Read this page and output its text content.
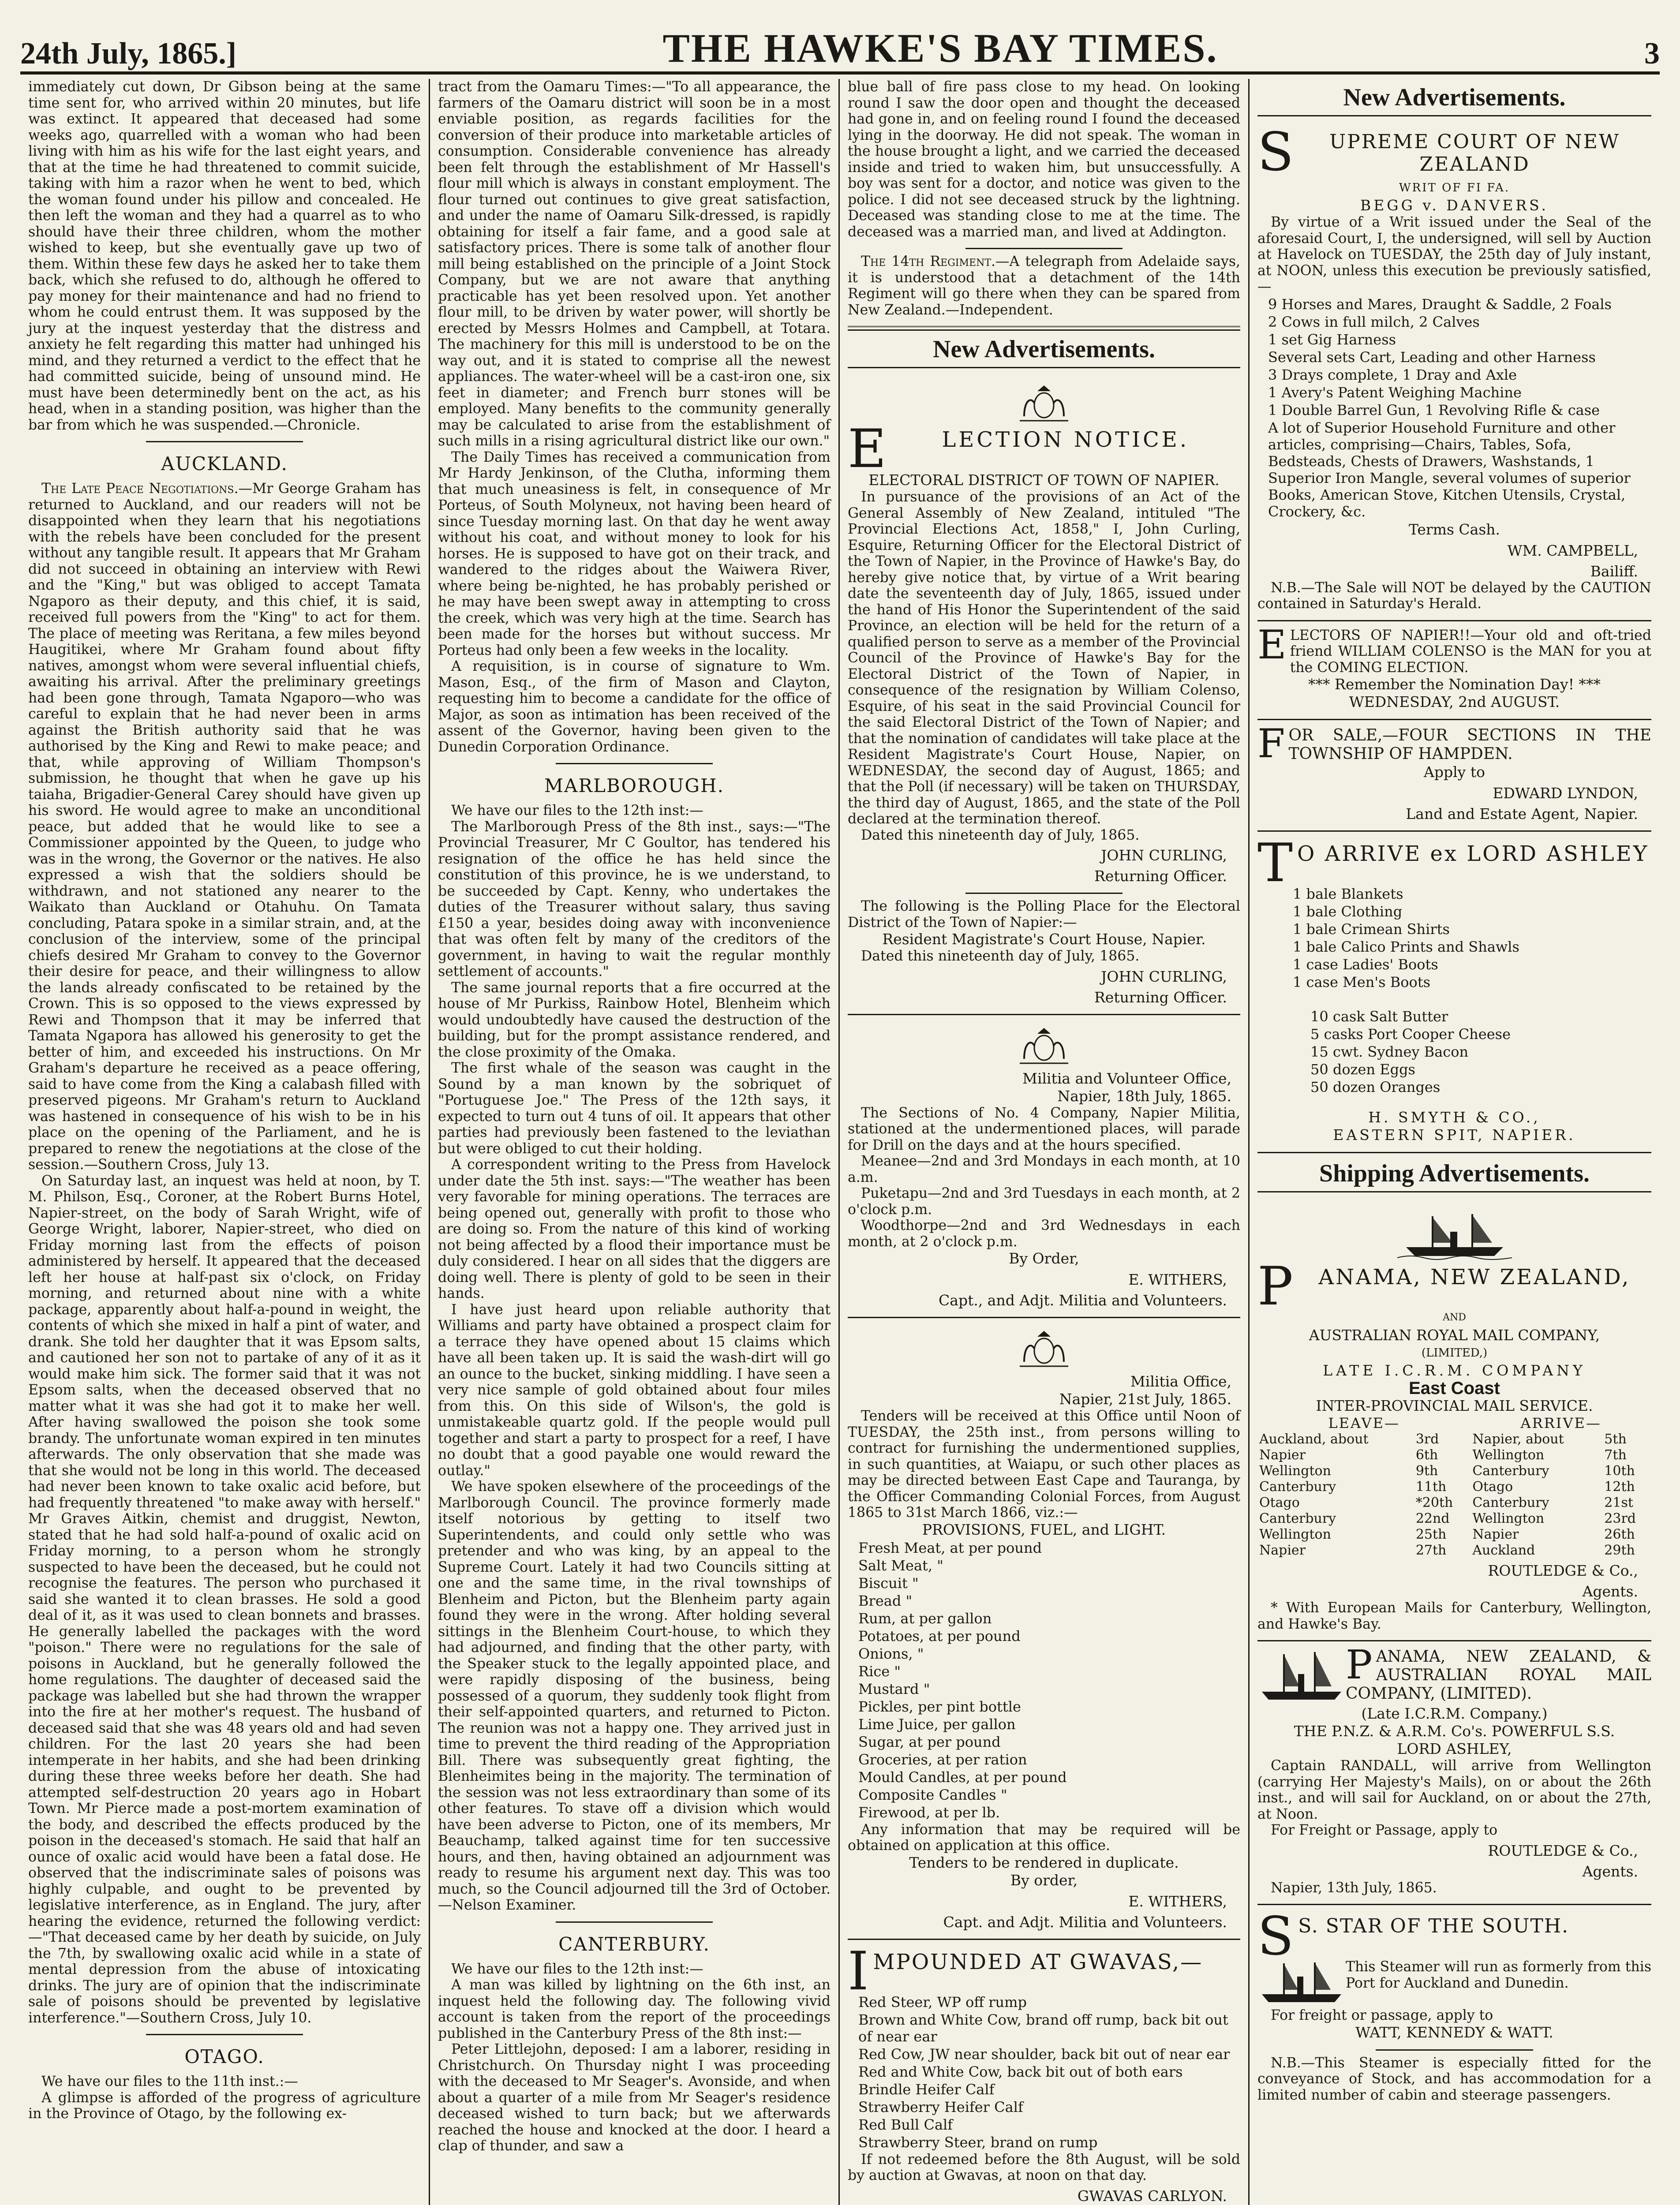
24th July, 1865.]	THE HAWKE'S BAY TIMES.	3

immediately cut down, Dr Gibson being at the same time sent for, who arrived within 20 minutes, but life was extinct. It appeared that deceased had some weeks ago, quarrelled with a woman who had been living with him as his wife for the last eight years, and that at the time he had threatened to commit suicide, taking with him a razor when he went to bed, which the woman found under his pillow and concealed. He then left the woman and they had a quarrel as to who should have their three children, whom the mother wished to keep, but she eventually gave up two of them. Within these few days he asked her to take them back, which she refused to do, although he offered to pay money for their maintenance and had no friend to whom he could entrust them. It was supposed by the jury at the inquest yesterday that the distress and anxiety he felt regarding this matter had unhinged his mind, and they returned a verdict to the effect that he had committed suicide, being of unsound mind. He must have been determinedly bent on the act, as his head, when in a standing position, was higher than the bar from which he was suspended.—Chronicle.

AUCKLAND.

The Late Peace Negotiations.—Mr George Graham has returned to Auckland, and our readers will not be disappointed when they learn that his negotiations with the rebels have been concluded for the present without any tangible result. It appears that Mr Graham did not succeed in obtaining an interview with Rewi and the "King," but was obliged to accept Tamata Ngaporo as their deputy, and this chief, it is said, received full powers from the "King" to act for them. The place of meeting was Reritana, a few miles beyond Haugitikei, where Mr Graham found about fifty natives, amongst whom were several influential chiefs, awaiting his arrival. After the preliminary greetings had been gone through, Tamata Ngaporo—who was careful to explain that he had never been in arms against the British authority said that he was authorised by the King and Rewi to make peace; and that, while approving of William Thompson's submission, he thought that when he gave up his taiaha, Brigadier-General Carey should have given up his sword. He would agree to make an unconditional peace, but added that he would like to see a Commissioner appointed by the Queen, to judge who was in the wrong, the Governor or the natives. He also expressed a wish that the soldiers should be withdrawn, and not stationed any nearer to the Waikato than Auckland or Otahuhu. On Tamata concluding, Patara spoke in a similar strain, and, at the conclusion of the interview, some of the principal chiefs desired Mr Graham to convey to the Governor their desire for peace, and their willingness to allow the lands already confiscated to be retained by the Crown. This is so opposed to the views expressed by Rewi and Thompson that it may be inferred that Tamata Ngapora has allowed his generosity to get the better of him, and exceeded his instructions. On Mr Graham's departure he received as a peace offering, said to have come from the King a calabash filled with preserved pigeons. Mr Graham's return to Auckland was hastened in consequence of his wish to be in his place on the opening of the Parliament, and he is prepared to renew the negotiations at the close of the session.—Southern Cross, July 13.

On Saturday last, an inquest was held at noon, by T. M. Philson, Esq., Coroner, at the Robert Burns Hotel, Napier-street, on the body of Sarah Wright, wife of George Wright, laborer, Napier-street, who died on Friday morning last from the effects of poison administered by herself. It appeared that the deceased left her house at half-past six o'clock, on Friday morning, and returned about nine with a white package, apparently about half-a-pound in weight, the contents of which she mixed in half a pint of water, and drank. She told her daughter that it was Epsom salts, and cautioned her son not to partake of any of it as it would make him sick. The former said that it was not Epsom salts, when the deceased observed that no matter what it was she had got it to make her well. After having swallowed the poison she took some brandy. The unfortunate woman expired in ten minutes afterwards. The only observation that she made was that she would not be long in this world. The deceased had never been known to take oxalic acid before, but had frequently threatened "to make away with herself." Mr Graves Aitkin, chemist and druggist, Newton, stated that he had sold half-a-pound of oxalic acid on Friday morning, to a person whom he strongly suspected to have been the deceased, but he could not recognise the features. The person who purchased it said she wanted it to clean brasses. He sold a good deal of it, as it was used to clean bonnets and brasses. He generally labelled the packages with the word "poison." There were no regulations for the sale of poisons in Auckland, but he generally followed the home regulations. The daughter of deceased said the package was labelled but she had thrown the wrapper into the fire at her mother's request. The husband of deceased said that she was 48 years old and had seven children. For the last 20 years she had been intemperate in her habits, and she had been drinking during these three weeks before her death. She had attempted self-destruction 20 years ago in Hobart Town. Mr Pierce made a post-mortem examination of the body, and described the effects produced by the poison in the deceased's stomach. He said that half an ounce of oxalic acid would have been a fatal dose. He observed that the indiscriminate sales of poisons was highly culpable, and ought to be prevented by legislative interference, as in England. The jury, after hearing the evidence, returned the following verdict:—"That deceased came by her death by suicide, on July the 7th, by swallowing oxalic acid while in a state of mental depression from the abuse of intoxicating drinks. The jury are of opinion that the indiscriminate sale of poisons should be prevented by legislative interference."—Southern Cross, July 10.

OTAGO.

We have our files to the 11th inst.:—

A glimpse is afforded of the progress of agriculture in the Province of Otago, by the following ex-

tract from the Oamaru Times:—"To all appearance, the farmers of the Oamaru district will soon be in a most enviable position, as regards facilities for the conversion of their produce into marketable articles of consumption. Considerable convenience has already been felt through the establishment of Mr Hassell's flour mill which is always in constant employment. The flour turned out continues to give great satisfaction, and under the name of Oamaru Silk-dressed, is rapidly obtaining for itself a fair fame, and a good sale at satisfactory prices. There is some talk of another flour mill being established on the principle of a Joint Stock Company, but we are not aware that anything practicable has yet been resolved upon. Yet another flour mill, to be driven by water power, will shortly be erected by Messrs Holmes and Campbell, at Totara. The machinery for this mill is understood to be on the way out, and it is stated to comprise all the newest appliances. The water-wheel will be a cast-iron one, six feet in diameter; and French burr stones will be employed. Many benefits to the community generally may be calculated to arise from the establishment of such mills in a rising agricultural district like our own."

The Daily Times has received a communication from Mr Hardy Jenkinson, of the Clutha, informing them that much uneasiness is felt, in consequence of Mr Porteus, of South Molyneux, not having been heard of since Tuesday morning last. On that day he went away without his coat, and without money to look for his horses. He is supposed to have got on their track, and wandered to the ridges about the Waiwera River, where being be-nighted, he has probably perished or he may have been swept away in attempting to cross the creek, which was very high at the time. Search has been made for the horses but without success. Mr Porteus had only been a few weeks in the locality.

A requisition, is in course of signature to Wm. Mason, Esq., of the firm of Mason and Clayton, requesting him to become a candidate for the office of Major, as soon as intimation has been received of the assent of the Governor, having been given to the Dunedin Corporation Ordinance.

MARLBOROUGH.

We have our files to the 12th inst:—

The Marlborough Press of the 8th inst., says:—"The Provincial Treasurer, Mr C Goultor, has tendered his resignation of the office he has held since the constitution of this province, he is we understand, to be succeeded by Capt. Kenny, who undertakes the duties of the Treasurer without salary, thus saving £150 a year, besides doing away with inconvenience that was often felt by many of the creditors of the government, in having to wait the regular monthly settlement of accounts."

The same journal reports that a fire occurred at the house of Mr Purkiss, Rainbow Hotel, Blenheim which would undoubtedly have caused the destruction of the building, but for the prompt assistance rendered, and the close proximity of the Omaka.

The first whale of the season was caught in the Sound by a man known by the sobriquet of "Portuguese Joe." The Press of the 12th says, it expected to turn out 4 tuns of oil. It appears that other parties had previously been fastened to the leviathan but were obliged to cut their holding.

A correspondent writing to the Press from Havelock under date the 5th inst. says:—"The weather has been very favorable for mining operations. The terraces are being opened out, generally with profit to those who are doing so. From the nature of this kind of working not being affected by a flood their importance must be duly considered. I hear on all sides that the diggers are doing well. There is plenty of gold to be seen in their hands.

I have just heard upon reliable authority that Williams and party have obtained a prospect claim for a terrace they have opened about 15 claims which have all been taken up. It is said the wash-dirt will go an ounce to the bucket, sinking middling. I have seen a very nice sample of gold obtained about four miles from this. On this side of Wilson's, the gold is unmistakeable quartz gold. If the people would pull together and start a party to prospect for a reef, I have no doubt that a good payable one would reward the outlay."

We have spoken elsewhere of the proceedings of the Marlborough Council. The province formerly made itself notorious by getting to itself two Superintendents, and could only settle who was pretender and who was king, by an appeal to the Supreme Court. Lately it had two Councils sitting at one and the same time, in the rival townships of Blenheim and Picton, but the Blenheim party again found they were in the wrong. After holding several sittings in the Blenheim Court-house, to which they had adjourned, and finding that the other party, with the Speaker stuck to the legally appointed place, and were rapidly disposing of the business, being possessed of a quorum, they suddenly took flight from their self-appointed quarters, and returned to Picton. The reunion was not a happy one. They arrived just in time to prevent the third reading of the Appropriation Bill. There was subsequently great fighting, the Blenheimites being in the majority. The termination of the session was not less extraordinary than some of its other features. To stave off a division which would have been adverse to Picton, one of its members, Mr Beauchamp, talked against time for ten successive hours, and then, having obtained an adjournment was ready to resume his argument next day. This was too much, so the Council adjourned till the 3rd of October.—Nelson Examiner.

CANTERBURY.

We have our files to the 12th inst:—

A man was killed by lightning on the 6th inst, an inquest held the following day. The following vivid account is taken from the report of the proceedings published in the Canterbury Press of the 8th inst:—

Peter Littlejohn, deposed: I am a laborer, residing in Christchurch. On Thursday night I was proceeding with the deceased to Mr Seager's. Avonside, and when about a quarter of a mile from Mr Seager's residence deceased wished to turn back; but we afterwards reached the house and knocked at the door. I heard a clap of thunder, and saw a

blue ball of fire pass close to my head. On looking round I saw the door open and thought the deceased had gone in, and on feeling round I found the deceased lying in the doorway. He did not speak. The woman in the house brought a light, and we carried the deceased inside and tried to waken him, but unsuccessfully. A boy was sent for a doctor, and notice was given to the police. I did not see deceased struck by the lightning. Deceased was standing close to me at the time. The deceased was a married man, and lived at Addington.

The 14th Regiment.—A telegraph from Adelaide says, it is understood that a detachment of the 14th Regiment will go there when they can be spared from New Zealand.—Independent.

New Advertisements.
E	LECTION NOTICE.
ELECTORAL DISTRICT OF TOWN OF NAPIER.

In pursuance of the provisions of an Act of the General Assembly of New Zealand, intituled "The Provincial Elections Act, 1858," I, John Curling, Esquire, Returning Officer for the Electoral District of the Town of Napier, in the Province of Hawke's Bay, do hereby give notice that, by virtue of a Writ bearing date the seventeenth day of July, 1865, issued under the hand of His Honor the Superintendent of the said Province, an election will be held for the return of a qualified person to serve as a member of the Provincial Council of the Province of Hawke's Bay for the Electoral District of the Town of Napier, in consequence of the resignation by William Colenso, Esquire, of his seat in the said Provincial Council for the said Electoral District of the Town of Napier; and that the nomination of candidates will take place at the Resident Magistrate's Court House, Napier, on WEDNESDAY, the second day of August, 1865; and that the Poll (if necessary) will be taken on THURSDAY, the third day of August, 1865, and the state of the Poll declared at the termination thereof.

Dated this nineteenth day of July, 1865.

JOHN CURLING,
Returning Officer.

The following is the Polling Place for the Electoral District of the Town of Napier:—

Resident Magistrate's Court House, Napier.

Dated this nineteenth day of July, 1865.

JOHN CURLING,
Returning Officer.
Militia and Volunteer Office,
Napier, 18th July, 1865.

The Sections of No. 4 Company, Napier Militia, stationed at the undermentioned places, will parade for Drill on the days and at the hours specified.

Meanee—2nd and 3rd Mondays in each month, at 10 a.m.

Puketapu—2nd and 3rd Tuesdays in each month, at 2 o'clock p.m.

Woodthorpe—2nd and 3rd Wednesdays in each month, at 2 o'clock p.m.

By Order,
E. WITHERS,
Capt., and Adjt. Militia and Volunteers.
Militia Office,
Napier, 21st July, 1865.

Tenders will be received at this Office until Noon of TUESDAY, the 25th inst., from persons willing to contract for furnishing the undermentioned supplies, in such quantities, at Waiapu, or such other places as may be directed between East Cape and Tauranga, by the Officer Commanding Colonial Forces, from August 1865 to 31st March 1866, viz.:—

PROVISIONS, FUEL, and LIGHT.
Fresh Meat, at per pound
Salt Meat, "
Biscuit "
Bread "
Rum, at per gallon
Potatoes, at per pound
Onions, "
Rice "
Mustard "
Pickles, per pint bottle
Lime Juice, per gallon
Sugar, at per pound
Groceries, at per ration
Mould Candles, at per pound
Composite Candles "
Firewood, at per lb.

Any information that may be required will be obtained on application at this office.

Tenders to be rendered in duplicate.
By order,
E. WITHERS,
Capt. and Adjt. Militia and Volunteers.
IMPOUNDED AT GWAVAS,—
Red Steer, WP off rump
Brown and White Cow, brand off rump, back bit out of near ear
Red Cow, JW near shoulder, back bit out of near ear
Red and White Cow, back bit out of both ears
Brindle Heifer Calf
Strawberry Heifer Calf
Red Bull Calf
Strawberry Steer, brand on rump

If not redeemed before the 8th August, will be sold by auction at Gwavas, at noon on that day.

GWAVAS CARLYON.
New Advertisements.
S UPREME COURT OF NEW ZEALAND
WRIT OF FI FA.
BEGG v. DANVERS.

By virtue of a Writ issued under the Seal of the aforesaid Court, I, the undersigned, will sell by Auction at Havelock on TUESDAY, the 25th day of July instant, at NOON, unless this execution be previously satisfied,—

9 Horses and Mares, Draught & Saddle, 2 Foals
2 Cows in full milch, 2 Calves
1 set Gig Harness
Several sets Cart, Leading and other Harness
3 Drays complete, 1 Dray and Axle
1 Avery's Patent Weighing Machine
1 Double Barrel Gun, 1 Revolving Rifle & case
A lot of Superior Household Furniture and other articles, comprising—Chairs, Tables, Sofa, Bedsteads, Chests of Drawers, Washstands, 1 Superior Iron Mangle, several volumes of superior Books, American Stove, Kitchen Utensils, Crystal, Crockery, &c.
Terms Cash.
WM. CAMPBELL,
Bailiff.

N.B.—The Sale will NOT be delayed by the CAUTION contained in Saturday's Herald.

ELECTORS OF NAPIER!!—Your old and oft-tried friend WILLIAM COLENSO is the MAN for you at the COMING ELECTION.

*** Remember the Nomination Day! ***
WEDNESDAY, 2nd AUGUST.

FOR SALE,—FOUR SECTIONS IN THE TOWNSHIP OF HAMPDEN.

Apply to
EDWARD LYNDON,
Land and Estate Agent, Napier.
T O ARRIVE ex LORD ASHLEY
1 bale Blankets
1 bale Clothing
1 bale Crimean Shirts
1 bale Calico Prints and Shawls
1 case Ladies' Boots
1 case Men's Boots
10 cask Salt Butter
5 casks Port Cooper Cheese
15 cwt. Sydney Bacon
50 dozen Eggs
50 dozen Oranges
H. SMYTH & CO.,
EASTERN SPIT, NAPIER.
Shipping Advertisements.
P ANAMA, NEW ZEALAND,
AND
AUSTRALIAN ROYAL MAIL COMPANY,
(LIMITED,)
LATE I.C.R.M. COMPANY
East Coast
INTER-PROVINCIAL MAIL SERVICE.
LEAVE—		ARRIVE—	
Auckland, about	3rd	Napier, about	5th
Napier	6th	Wellington	7th
Wellington	9th	Canterbury	10th
Canterbury	11th	Otago	12th
Otago	*20th	Canterbury	21st
Canterbury	22nd	Wellington	23rd
Wellington	25th	Napier	26th
Napier	27th	Auckland	29th
ROUTLEDGE & Co.,
Agents.

* With European Mails for Canterbury, Wellington, and Hawke's Bay.

PANAMA, NEW ZEALAND, & AUSTRALIAN ROYAL MAIL COMPANY, (LIMITED).

(Late I.C.R.M. Company.)
THE P.N.Z. & A.R.M. Co's. POWERFUL S.S.
LORD ASHLEY,

Captain RANDALL, will arrive from Wellington (carrying Her Majesty's Mails), on or about the 26th inst., and will sail for Auckland, on or about the 27th, at Noon.

For Freight or Passage, apply to

ROUTLEDGE & Co.,
Agents.

Napier, 13th July, 1865.

S S. STAR OF THE SOUTH.

This Steamer will run as formerly from this Port for Auckland and Dunedin.

For freight or passage, apply to

WATT, KENNEDY & WATT.

N.B.—This Steamer is especially fitted for the conveyance of Stock, and has accommodation for a limited number of cabin and steerage passengers.
